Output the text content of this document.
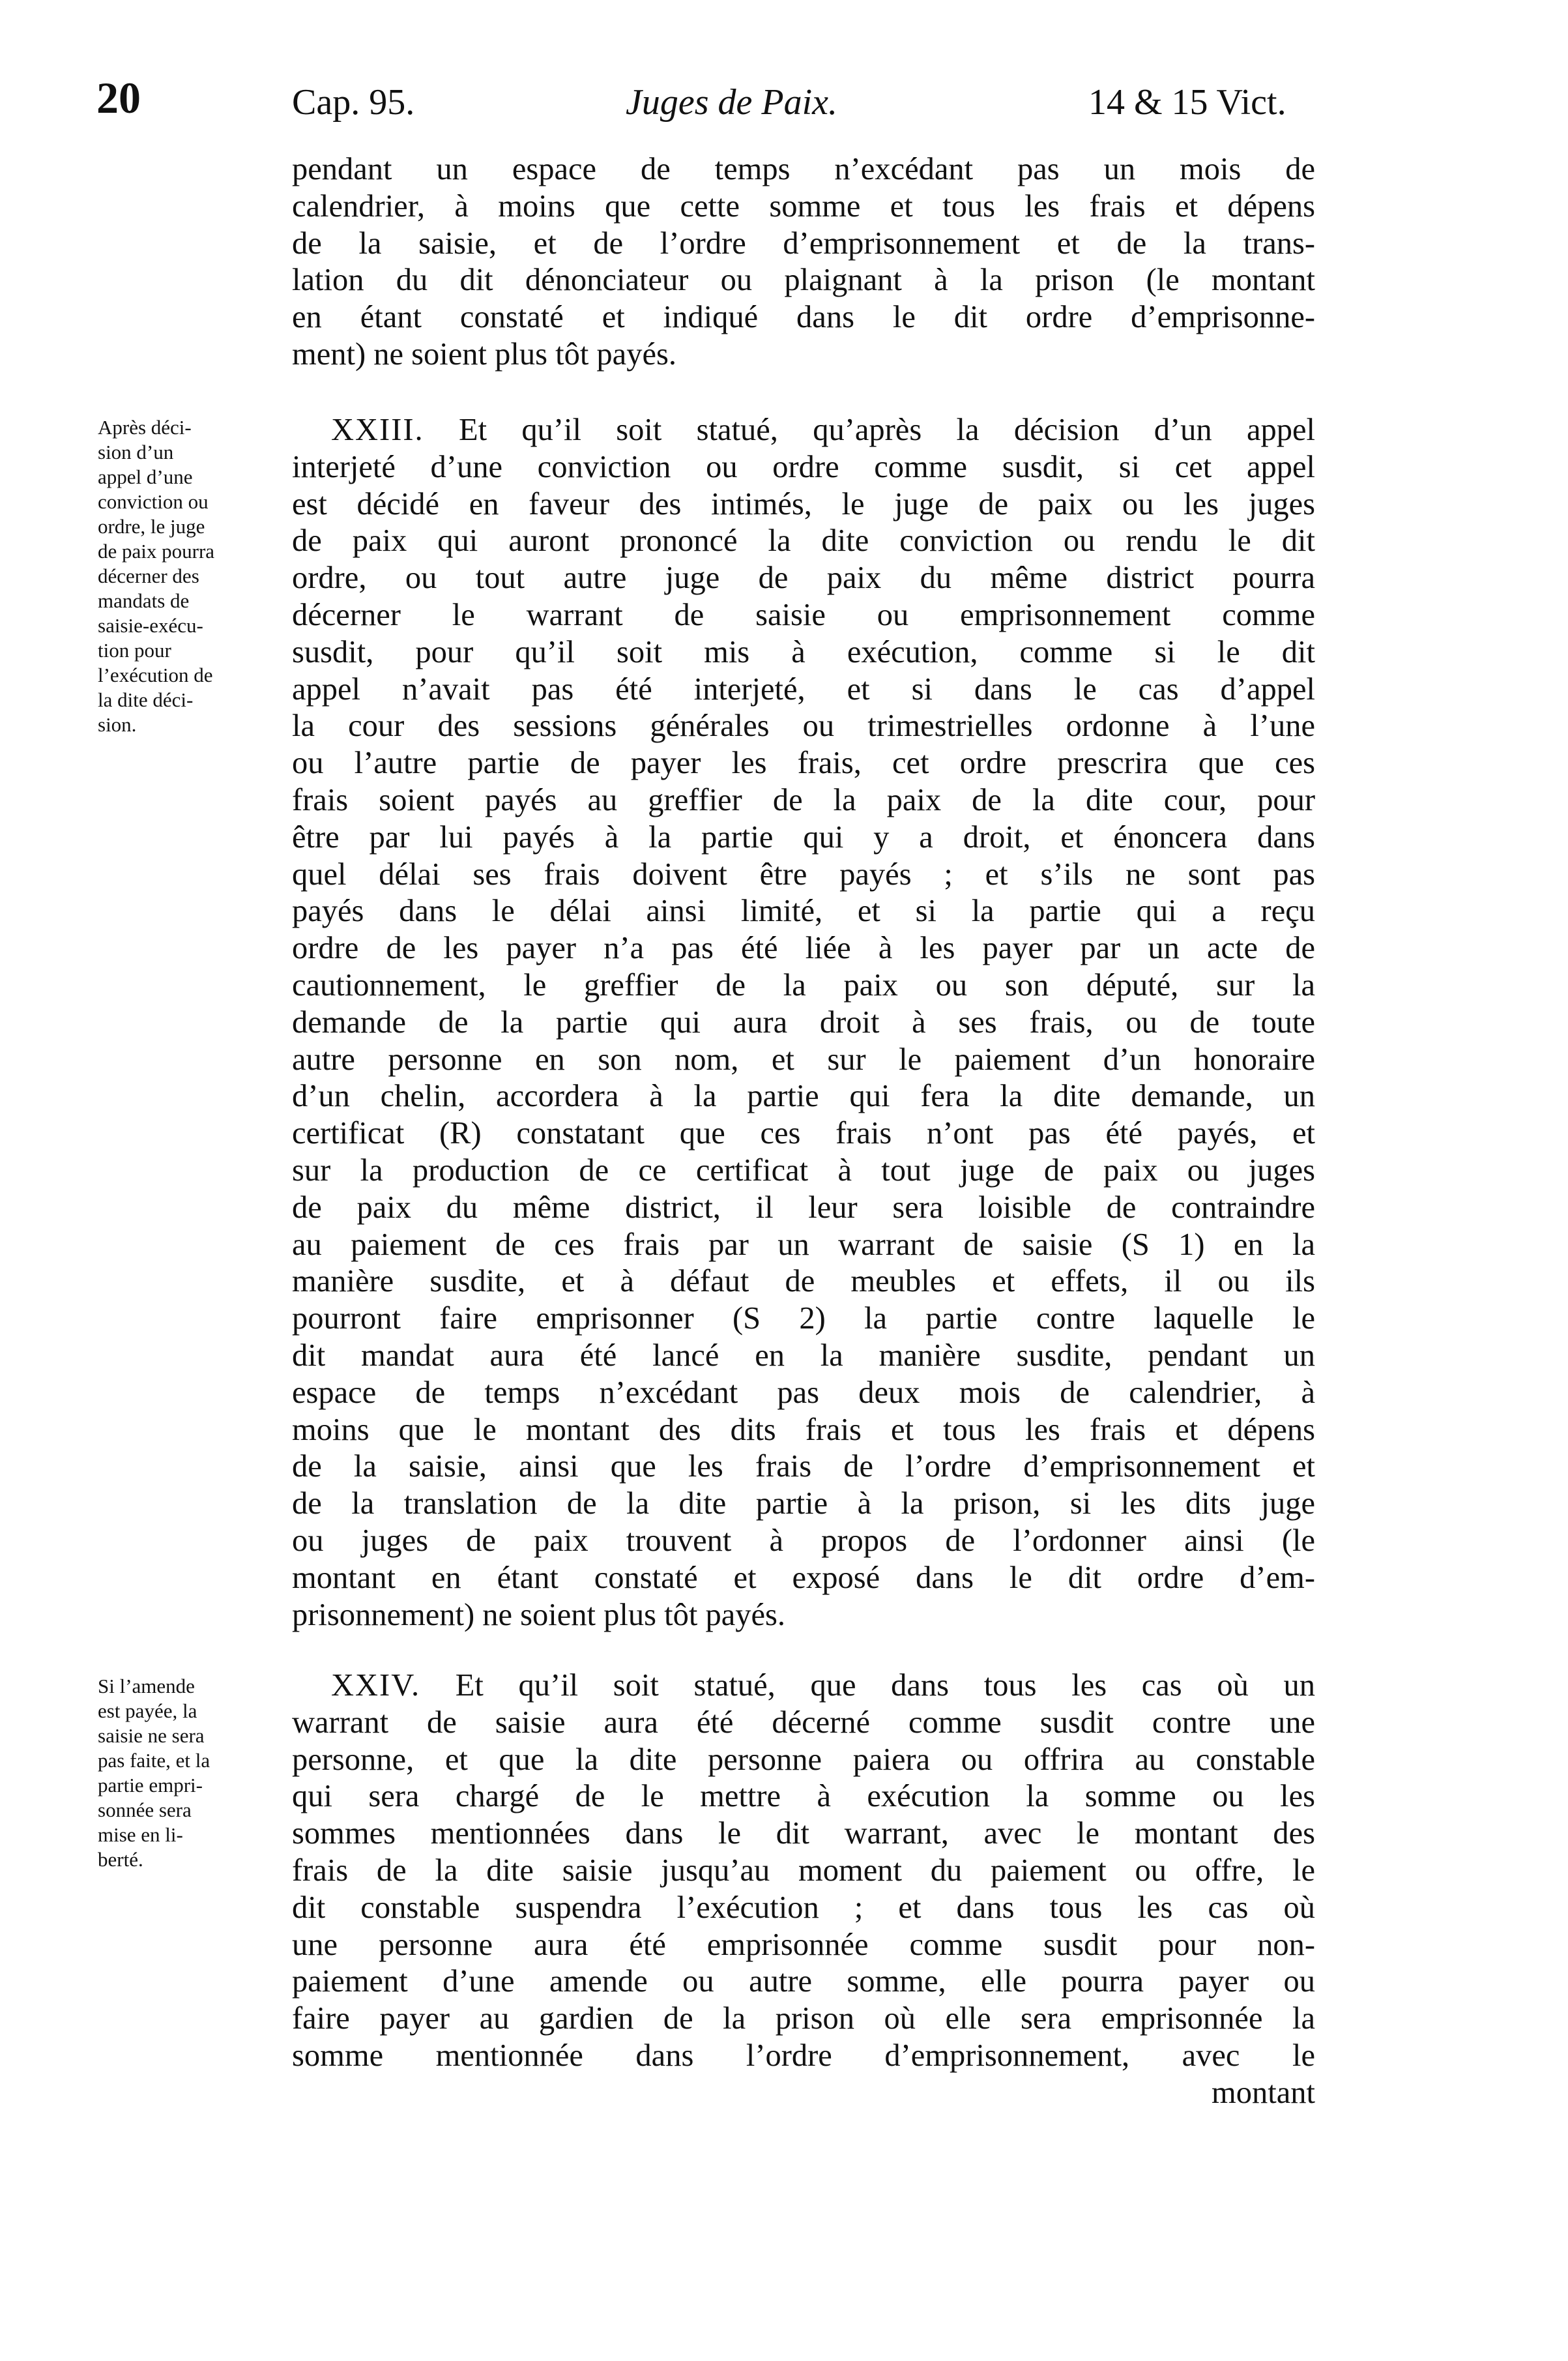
20	Cap. 95.	Juges de Paix.	14 & 15 Vict.
pendant un espace de temps n’excédant pas un mois de
calendrier, à moins que cette somme et tous les frais et dépens
de la saisie, et de l’ordre d’emprisonnement et de la trans-
lation du dit dénonciateur ou plaignant à la prison (le montant
en étant constaté et indiqué dans le dit ordre d’emprisonne-
ment) ne soient plus tôt payés.
Après déci-
sion d’un
appel d’une
conviction ou
ordre, le juge
de paix pourra
décerner des
mandats de
saisie-exécu-
tion pour
l’exécution de
la dite déci-
sion.
XXIII. Et qu’il soit statué, qu’après la décision d’un appel
interjeté d’une conviction ou ordre comme susdit, si cet appel
est décidé en faveur des intimés, le juge de paix ou les juges
de paix qui auront prononcé la dite conviction ou rendu le dit
ordre, ou tout autre juge de paix du même district pourra
décerner le warrant de saisie ou emprisonnement comme
susdit, pour qu’il soit mis à exécution, comme si le dit
appel n’avait pas été interjeté, et si dans le cas d’appel
la cour des sessions générales ou trimestrielles ordonne à l’une
ou l’autre partie de payer les frais, cet ordre prescrira que ces
frais soient payés au greffier de la paix de la dite cour, pour
être par lui payés à la partie qui y a droit, et énoncera dans
quel délai ses frais doivent être payés ; et s’ils ne sont pas
payés dans le délai ainsi limité, et si la partie qui a reçu
ordre de les payer n’a pas été liée à les payer par un acte de
cautionnement, le greffier de la paix ou son député, sur la
demande de la partie qui aura droit à ses frais, ou de toute
autre personne en son nom, et sur le paiement d’un honoraire
d’un chelin, accordera à la partie qui fera la dite demande, un
certificat (R) constatant que ces frais n’ont pas été payés, et
sur la production de ce certificat à tout juge de paix ou juges
de paix du même district, il leur sera loisible de contraindre
au paiement de ces frais par un warrant de saisie (S 1) en la
manière susdite, et à défaut de meubles et effets, il ou ils
pourront faire emprisonner (S 2) la partie contre laquelle le
dit mandat aura été lancé en la manière susdite, pendant un
espace de temps n’excédant pas deux mois de calendrier, à
moins que le montant des dits frais et tous les frais et dépens
de la saisie, ainsi que les frais de l’ordre d’emprisonnement et
de la translation de la dite partie à la prison, si les dits juge
ou juges de paix trouvent à propos de l’ordonner ainsi (le
montant en étant constaté et exposé dans le dit ordre d’em-
prisonnement) ne soient plus tôt payés.
Si l’amende
est payée, la
saisie ne sera
pas faite, et la
partie empri-
sonnée sera
mise en li-
berté.
XXIV. Et qu’il soit statué, que dans tous les cas où un
warrant de saisie aura été décerné comme susdit contre une
personne, et que la dite personne paiera ou offrira au constable
qui sera chargé de le mettre à exécution la somme ou les
sommes mentionnées dans le dit warrant, avec le montant des
frais de la dite saisie jusqu’au moment du paiement ou offre, le
dit constable suspendra l’exécution ; et dans tous les cas où
une personne aura été emprisonnée comme susdit pour non-
paiement d’une amende ou autre somme, elle pourra payer ou
faire payer au gardien de la prison où elle sera emprisonnée la
somme mentionnée dans l’ordre d’emprisonnement, avec le
montant
